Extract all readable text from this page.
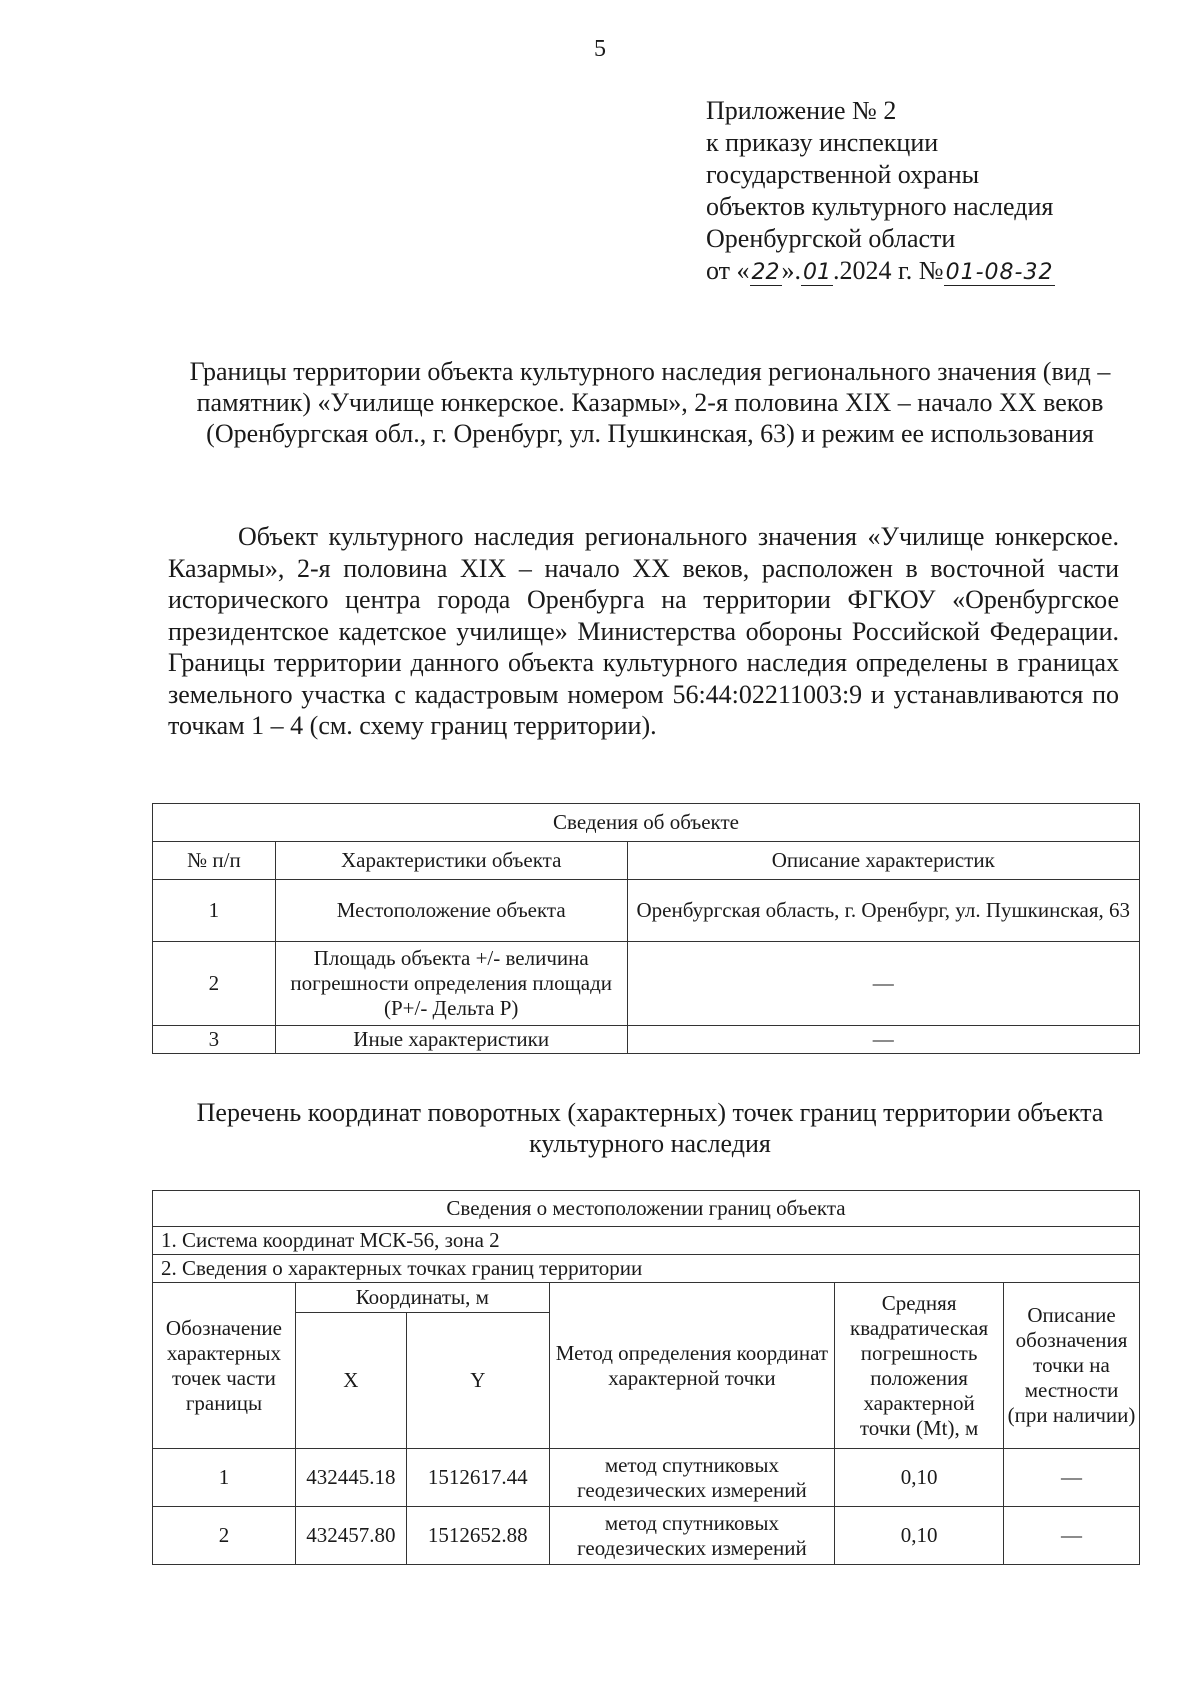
5
Приложение № 2
к приказу инспекции
государственной охраны
объектов культурного наследия
Оренбургской области
от «22».01.2024 г. №01-08-32
Границы территории объекта культурного наследия регионального значения (вид – памятник) «Училище юнкерское. Казармы», 2-я половина XIX – начало XX веков (Оренбургская обл., г. Оренбург, ул. Пушкинская, 63) и режим ее использования
Объект культурного наследия регионального значения «Училище юнкерское. Казармы», 2-я половина XIX – начало XX веков, расположен в восточной части исторического центра города Оренбурга на территории ФГКОУ «Оренбургское президентское кадетское училище» Министерства обороны Российской Федерации. Границы территории данного объекта культурного наследия определены в границах земельного участка с кадастровым номером 56:44:02211003:9 и устанавливаются по точкам 1 – 4 (см. схему границ территории).
Сведения об объекте		
№ п/п	Характеристики объекта	Описание характеристик
1	Местоположение объекта	Оренбургская область, г. Оренбург, ул. Пушкинская, 63
2	Площадь объекта +/- величина погрешности определения площади (Р+/- Дельта Р)	—
3	Иные характеристики	—
Перечень координат поворотных (характерных) точек границ территории объекта культурного наследия
Сведения о местоположении границ объекта					
1. Система координат МСК-56, зона 2					
2. Сведения о характерных точках границ территории					
Обозначение характерных точек части границы	Координаты, м		Метод определения координат характерной точки	Средняя квадратическая погрешность положения характерной точки (Mt), м	Описание обозначения точки на местности (при наличии)
	X	Y			
1	432445.18	1512617.44	метод спутниковых геодезических измерений	0,10	—
2	432457.80	1512652.88	метод спутниковых геодезических измерений	0,10	—
